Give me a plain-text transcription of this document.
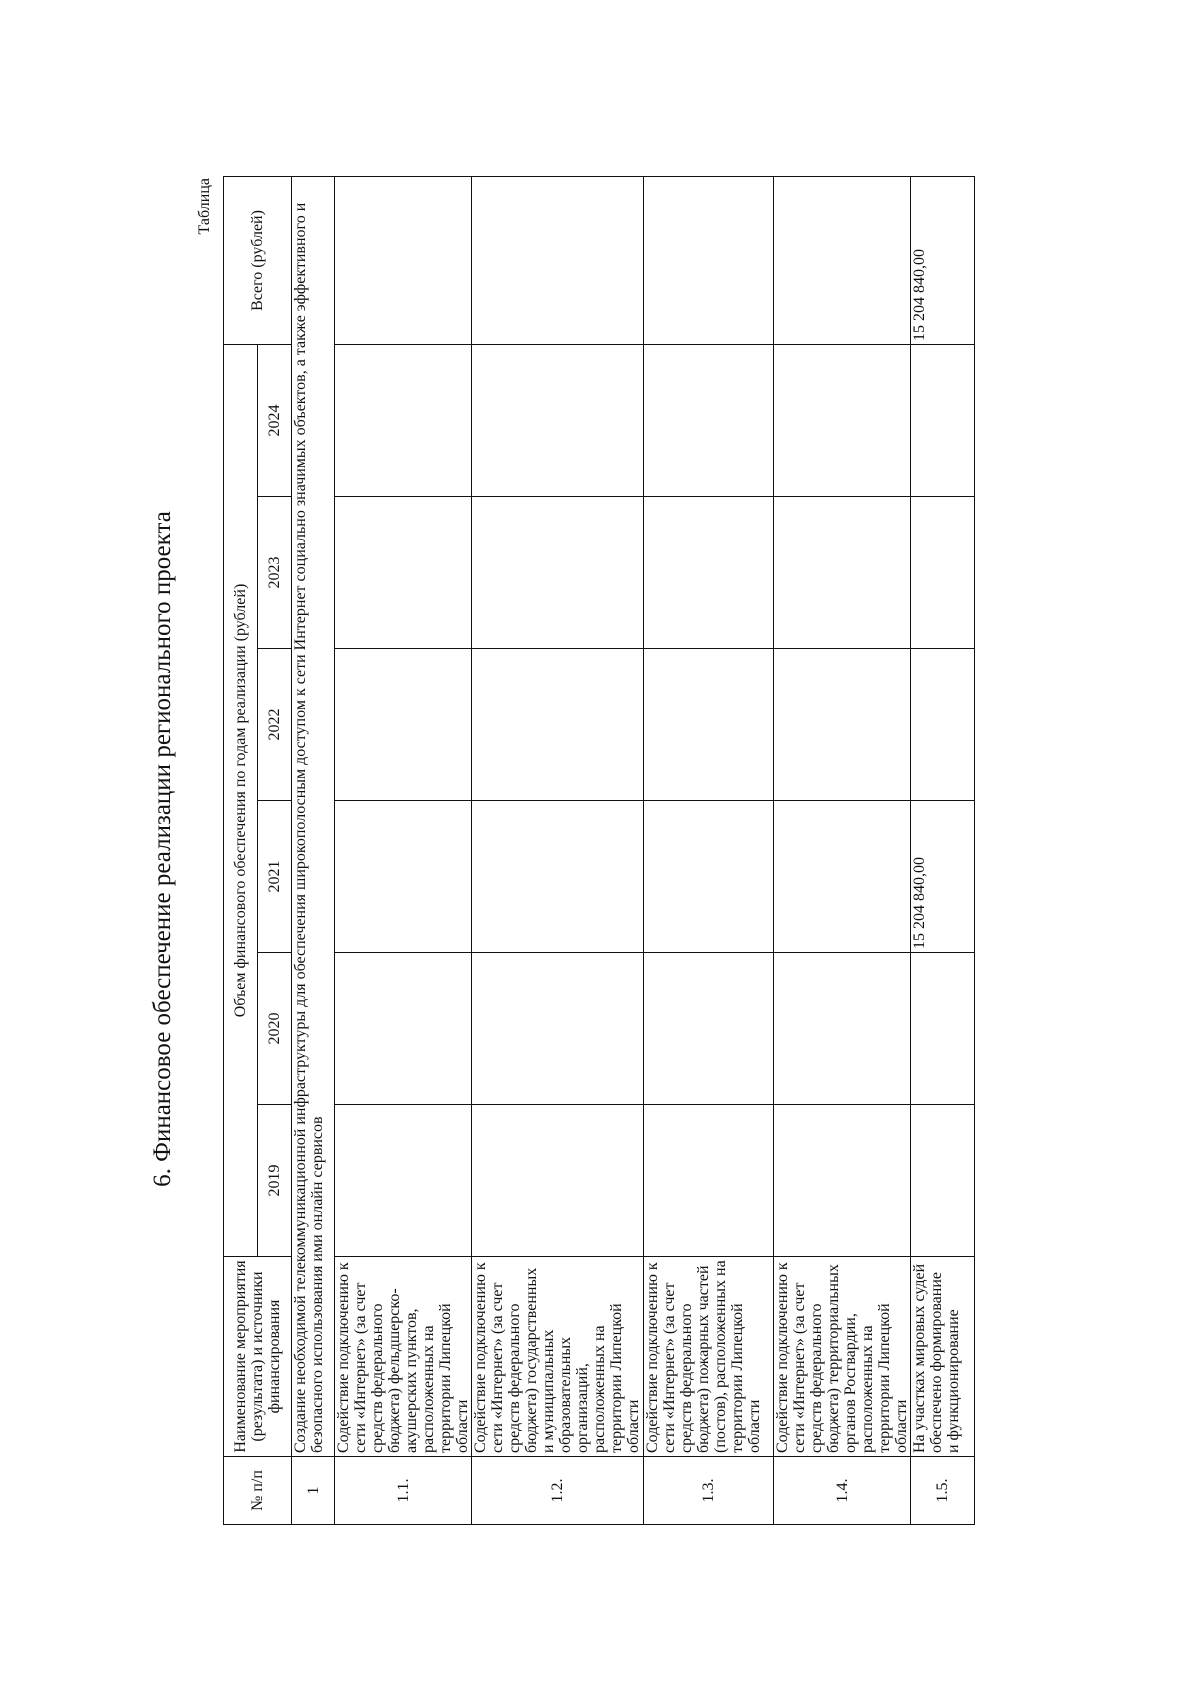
6. Финансовое обеспечение реализации регионального проекта
Таблица
№ п/п	Наименование мероприятия (результата) и источники финансирования	Объем финансового обеспечения по годам реализации (рублей)						Всего (рублей)
		2019	2020	2021	2022	2023	2024	
1	Создание необходимой телекоммуникационной инфраструктуры для обеспечения широкополосным доступом к сети Интернет социально значимых объектов, а также эффективного и безопасного использования ими онлайн сервисов							
1.1.	Содействие подключению к сети «Интернет» (за счет средств федерального бюджета) фельдшерско-акушерских пунктов, расположенных на территории Липецкой области							
1.2.	Содействие подключению к сети «Интернет» (за счет средств федерального бюджета) государственных и муниципальных образовательных организаций, расположенных на территории Липецкой области							
1.3.	Содействие подключению к сети «Интернет» (за счет средств федерального бюджета) пожарных частей (постов), расположенных на территории Липецкой области							
1.4.	Содействие подключению к сети «Интернет» (за счет средств федерального бюджета) территориальных органов Росгвардии, расположенных на территории Липецкой области							
1.5.	На участках мировых судей обеспечено формирование и функционирование			15 204 840,00				15 204 840,00
